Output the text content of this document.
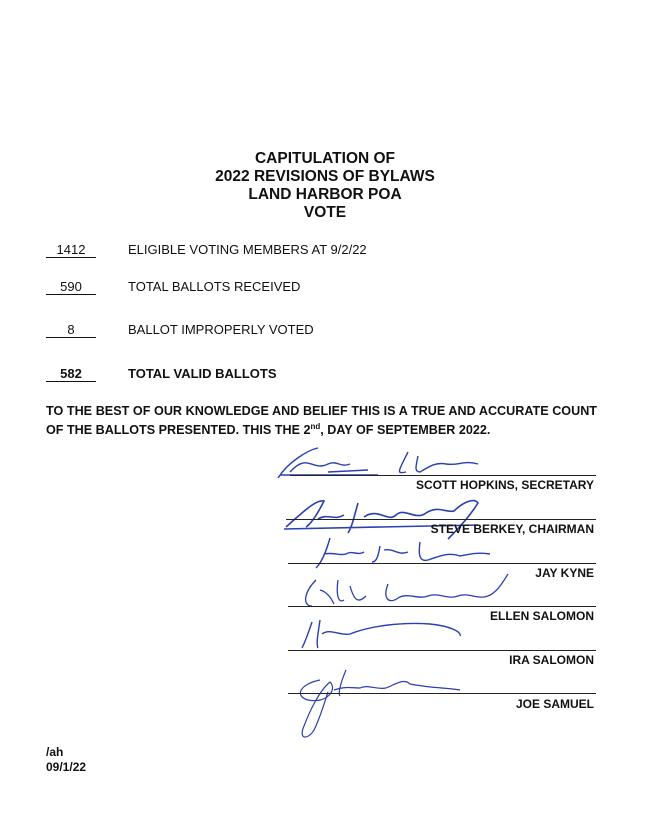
CAPITULATION OF
2022 REVISIONS OF BYLAWS
LAND HARBOR POA
VOTE
1412	ELIGIBLE VOTING MEMBERS AT 9/2/22
590	TOTAL BALLOTS RECEIVED
8	BALLOT IMPROPERLY VOTED
582	TOTAL VALID BALLOTS
TO THE BEST OF OUR KNOWLEDGE AND BELIEF THIS IS A TRUE AND ACCURATE COUNT OF THE BALLOTS PRESENTED. THIS THE 2nd, DAY OF SEPTEMBER 2022.
SCOTT HOPKINS, SECRETARY
STEVE BERKEY, CHAIRMAN
JAY KYNE
ELLEN SALOMON
IRA SALOMON
JOE SAMUEL
/ah
09/1/22
